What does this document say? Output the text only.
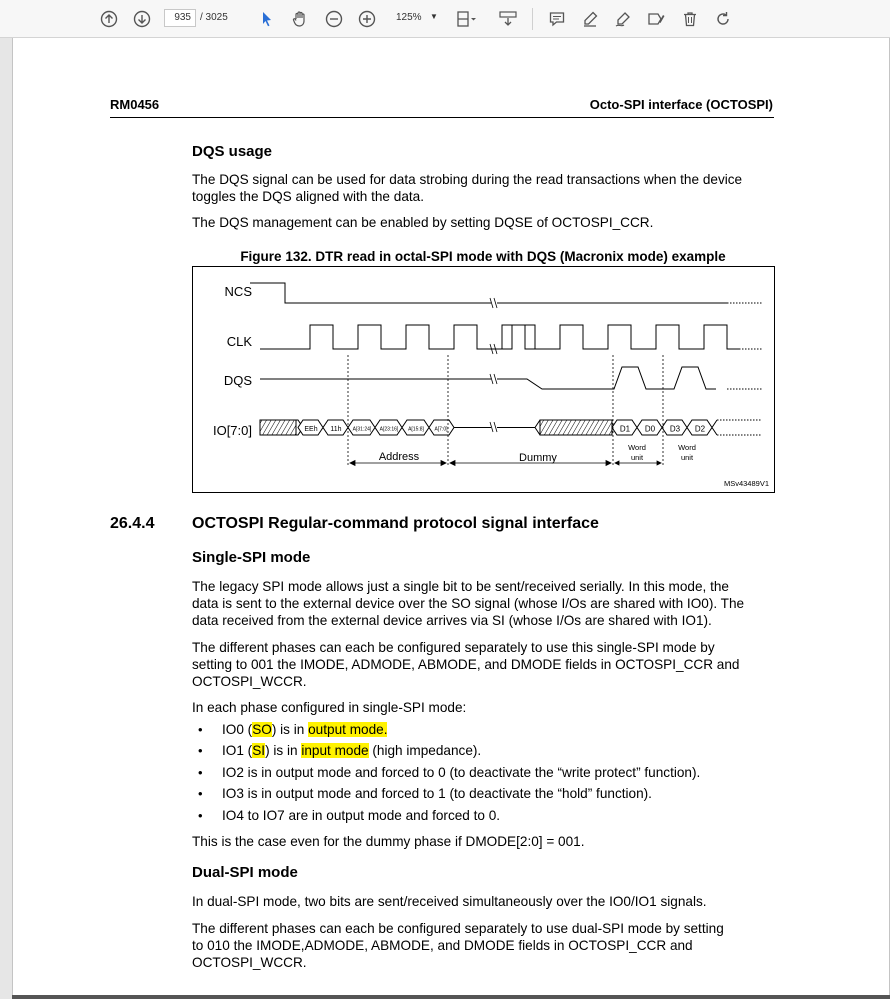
935 / 3025	125% ▼
RM0456	Octo-SPI interface (OCTOSPI)
DQS usage
The DQS signal can be used for data strobing during the read transactions when the device
toggles the DQS aligned with the data.
The DQS management can be enabled by setting DQSE of OCTOSPI_CCR.
Figure 132. DTR read in octal-SPI mode with DQS (Macronix mode) example
NCS
CLK
DQS
IO[7:0]	EEh 11h A[31:24] A[23:16] A[15:8] A[7:0]	D1 D0 D3 D2
Address	Dummy
Word
unit
Word
unit
MSv43489V1
26.4.4 OCTOSPI Regular-command protocol signal interface
Single-SPI mode
The legacy SPI mode allows just a single bit to be sent/received serially. In this mode, the
data is sent to the external device over the SO signal (whose I/Os are shared with IO0). The
data received from the external device arrives via SI (whose I/Os are shared with IO1).
The different phases can each be configured separately to use this single-SPI mode by
setting to 001 the IMODE, ADMODE, ABMODE, and DMODE fields in OCTOSPI_CCR and
OCTOSPI_WCCR.
In each phase configured in single-SPI mode:
• IO0 (SO) is in output mode.
• IO1 (SI) is in input mode (high impedance).
• IO2 is in output mode and forced to 0 (to deactivate the “write protect” function).
• IO3 is in output mode and forced to 1 (to deactivate the “hold” function).
• IO4 to IO7 are in output mode and forced to 0.
This is the case even for the dummy phase if DMODE[2:0] = 001.
Dual-SPI mode
In dual-SPI mode, two bits are sent/received simultaneously over the IO0/IO1 signals.
The different phases can each be configured separately to use dual-SPI mode by setting
to 010 the IMODE,ADMODE, ABMODE, and DMODE fields in OCTOSPI_CCR and
OCTOSPI_WCCR.
